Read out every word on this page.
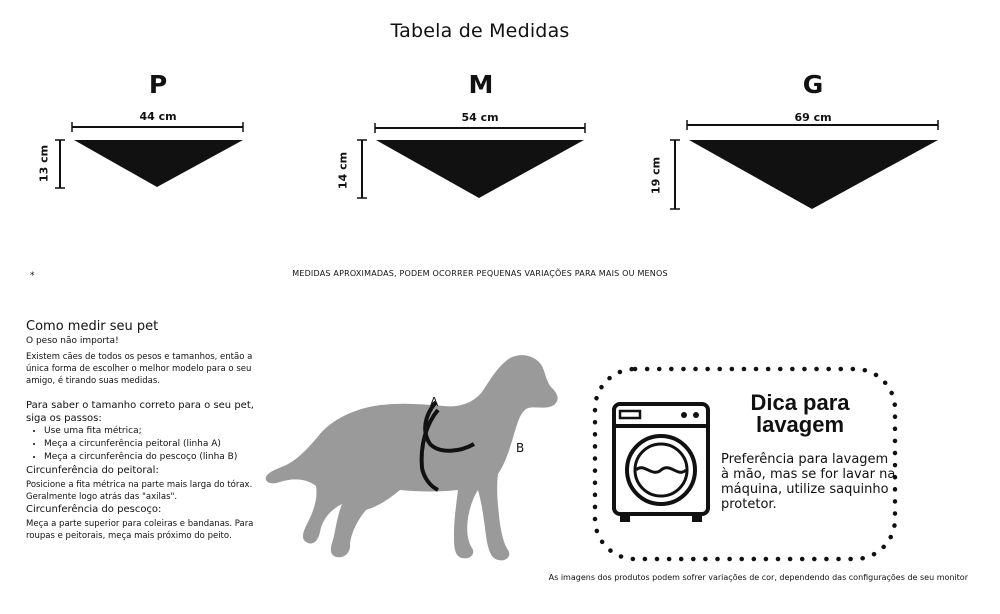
Tabela de Medidas
P
44 cm
13 cm
M
54 cm
14 cm
G
69 cm
19 cm
*	MEDIDAS APROXIMADAS, PODEM OCORRER PEQUENAS VARIAÇÕES PARA MAIS OU MENOS
Como medir seu pet

O peso não importa!

Existem cães de todos os pesos e tamanhos, então a única forma de escolher o melhor modelo para o seu amigo, é tirando suas medidas.

Para saber o tamanho correto para o seu pet, siga os passos:

• Use uma fita métrica;
• Meça a circunferência peitoral (linha A)
• Meça a circunferência do pescoço (linha B)

Circunferência do peitoral:

Posicione a fita métrica na parte mais larga do tórax. Geralmente logo atrás das "axilas".

Circunferência do pescoço:

Meça a parte superior para coleiras e bandanas. Para roupas e peitorais, meça mais próximo do peito.

A
B
Dica para lavagem
Preferência para lavagem à mão, mas se for lavar na máquina, utilize saquinho protetor.
As imagens dos produtos podem sofrer variações de cor, dependendo das configurações de seu monitor
